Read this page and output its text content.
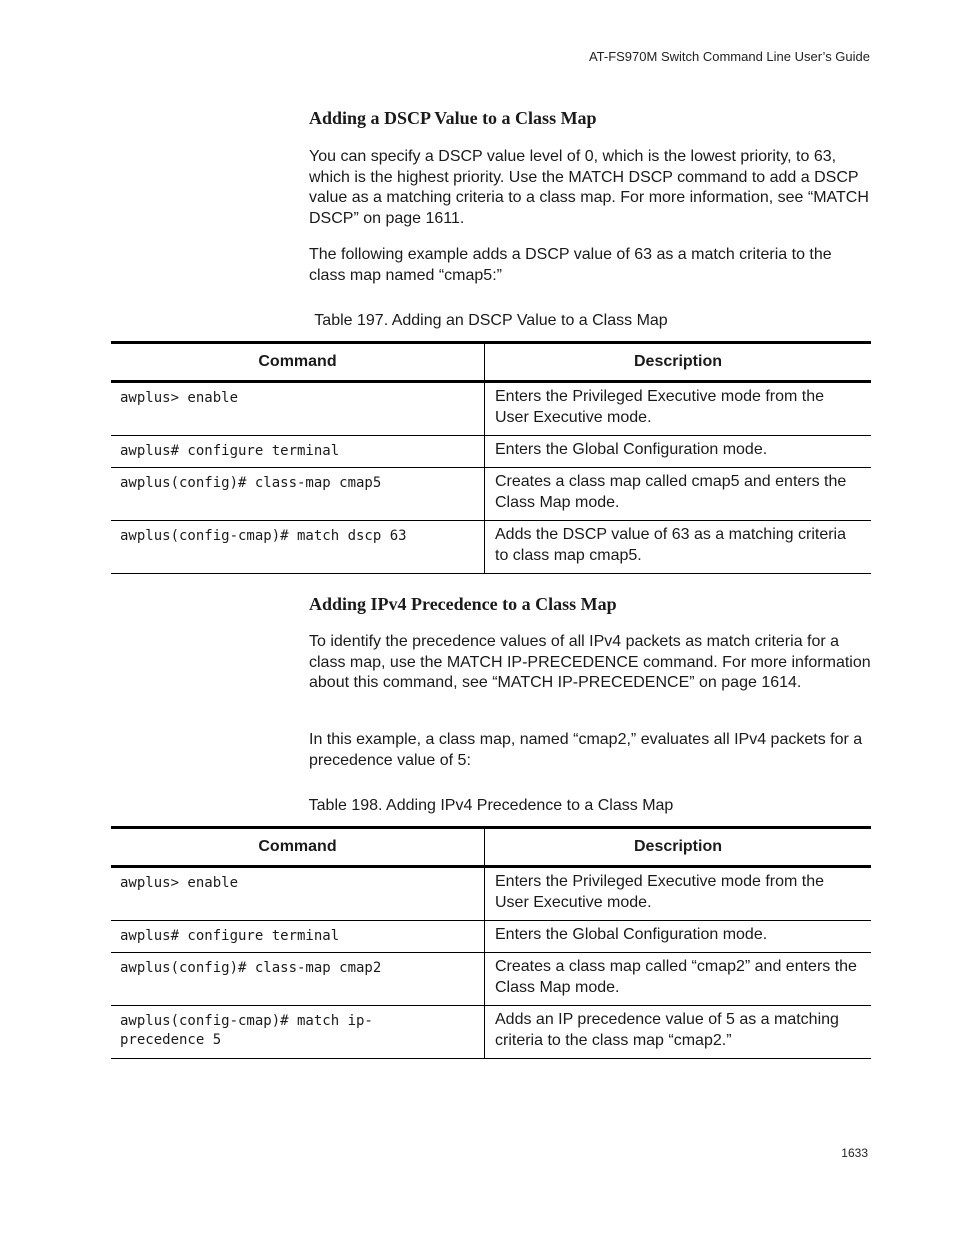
AT-FS970M Switch Command Line User’s Guide
Adding a DSCP Value to a Class Map

You can specify a DSCP value level of 0, which is the lowest priority, to 63, which is the highest priority. Use the MATCH DSCP command to add a DSCP value as a matching criteria to a class map. For more information, see “MATCH DSCP” on page 1611.

The following example adds a DSCP value of 63 as a match criteria to the class map named “cmap5:”

Table 197. Adding an DSCP Value to a Class Map
Command	Description
awplus> enable	Enters the Privileged Executive mode from the User Executive mode.
awplus# configure terminal	Enters the Global Configuration mode.
awplus(config)# class-map cmap5	Creates a class map called cmap5 and enters the Class Map mode.
awplus(config-cmap)# match dscp 63	Adds the DSCP value of 63 as a matching criteria to class map cmap5.
Adding IPv4 Precedence to a Class Map

To identify the precedence values of all IPv4 packets as match criteria for a class map, use the MATCH IP-PRECEDENCE command. For more information about this command, see “MATCH IP-PRECEDENCE” on page 1614.

In this example, a class map, named “cmap2,” evaluates all IPv4 packets for a precedence value of 5:

Table 198. Adding IPv4 Precedence to a Class Map
Command	Description
awplus> enable	Enters the Privileged Executive mode from the User Executive mode.
awplus# configure terminal	Enters the Global Configuration mode.
awplus(config)# class-map cmap2	Creates a class map called “cmap2” and enters the Class Map mode.
awplus(config-cmap)# match ip-
precedence 5	Adds an IP precedence value of 5 as a matching criteria to the class map “cmap2.”
1633
